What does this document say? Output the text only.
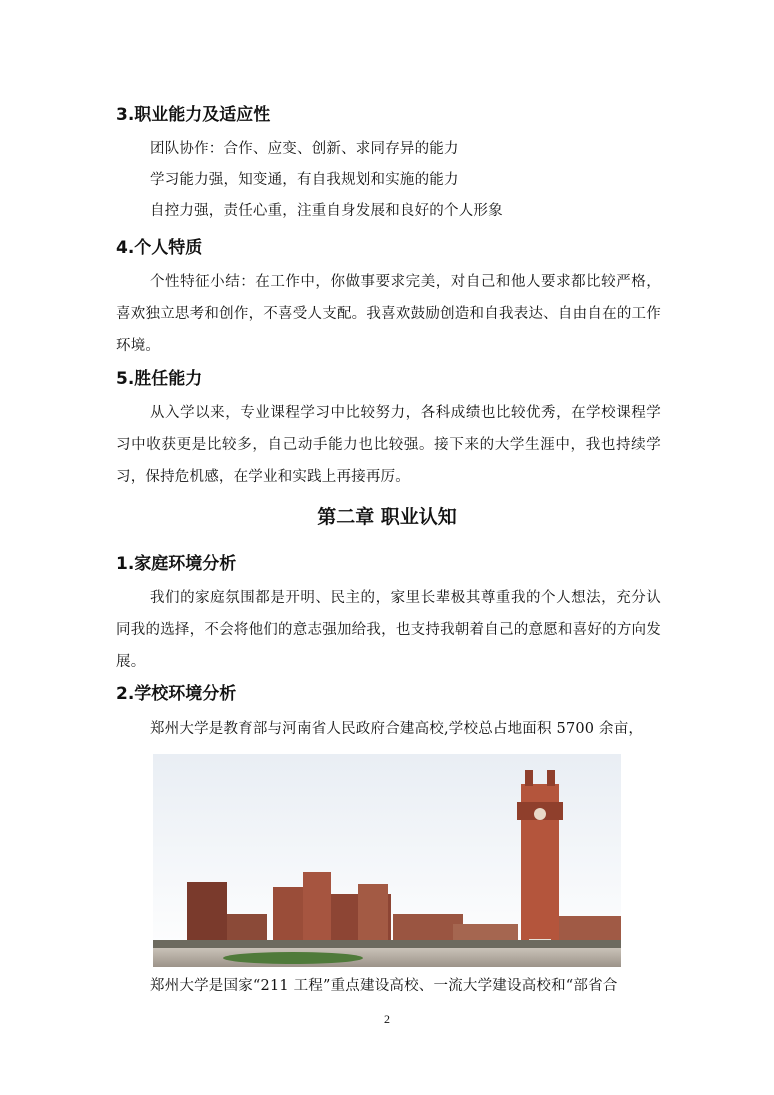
3.职业能力及适应性
团队协作：合作、应变、创新、求同存异的能力
学习能力强，知变通，有自我规划和实施的能力
自控力强，责任心重，注重自身发展和良好的个人形象
4.个人特质
个性特征小结：在工作中，你做事要求完美，对自己和他人要求都比较严格，喜欢独立思考和创作，不喜受人支配。我喜欢鼓励创造和自我表达、自由自在的工作环境。
5.胜任能力
从入学以来，专业课程学习中比较努力，各科成绩也比较优秀，在学校课程学习中收获更是比较多，自己动手能力也比较强。接下来的大学生涯中，我也持续学习，保持危机感，在学业和实践上再接再厉。
第二章 职业认知
1.家庭环境分析
我们的家庭氛围都是开明、民主的，家里长辈极其尊重我的个人想法，充分认同我的选择，不会将他们的意志强加给我，也支持我朝着自己的意愿和喜好的方向发展。
2.学校环境分析
郑州大学是教育部与河南省人民政府合建高校,学校总占地面积 5700 余亩，
郑州大学是国家“211 工程”重点建设高校、一流大学建设高校和“部省合
2
